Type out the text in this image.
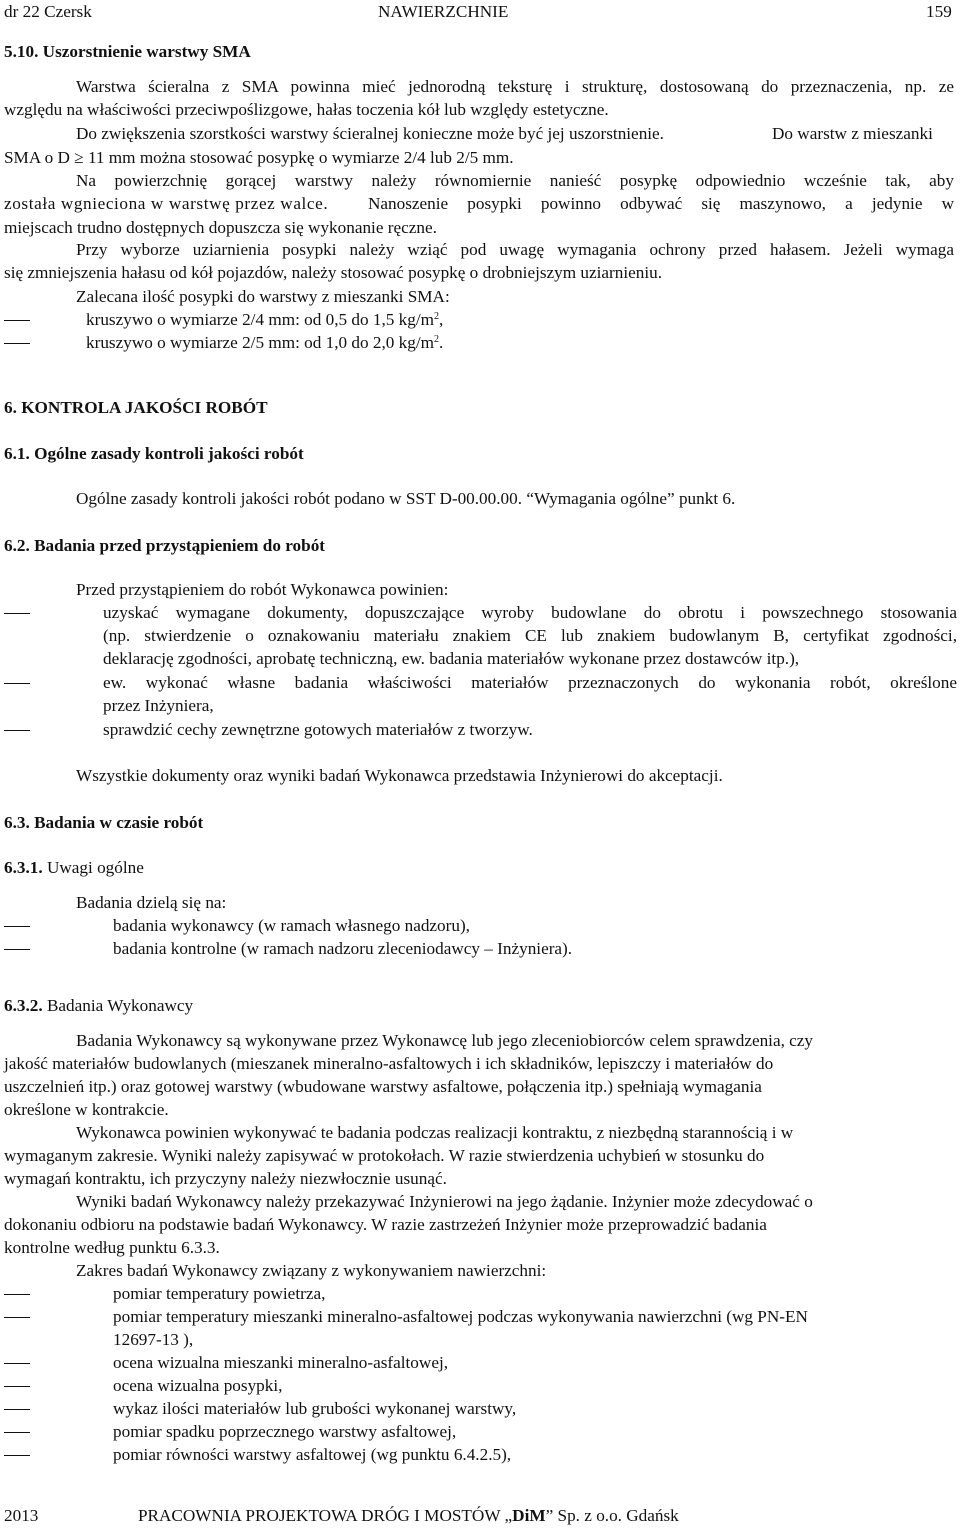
dr 22 Czersk	NAWIERZCHNIE	159
5.10. Uszorstnienie warstwy SMA
Warstwa ścieralna z SMA powinna mieć jednorodną teksturę i strukturę, dostosowaną do przeznaczenia, np. ze
względu na właściwości przeciwpoślizgowe, hałas toczenia kół lub względy estetyczne.
Do zwiększenia szorstkości warstwy ścieralnej konieczne może być jej uszorstnienie.	Do warstw z mieszanki
SMA o D ≥ 11 mm można stosować posypkę o wymiarze 2/4 lub 2/5 mm.
Na powierzchnię gorącej warstwy należy równomiernie nanieść posypkę odpowiednio wcześnie tak, aby
została wgnieciona w warstwę przez walce. Nanoszenie posypki powinno odbywać się maszynowo, a jedynie w
miejscach trudno dostępnych dopuszcza się wykonanie ręczne.
Przy wyborze uziarnienia posypki należy wziąć pod uwagę wymagania ochrony przed hałasem. Jeżeli wymaga
się zmniejszenia hałasu od kół pojazdów, należy stosować posypkę o drobniejszym uziarnieniu.
Zalecana ilość posypki do warstwy z mieszanki SMA:
kruszywo o wymiarze 2/4 mm: od 0,5 do 1,5 $kg/m^2$,
kruszywo o wymiarze 2/5 mm: od 1,0 do 2,0 $kg/m^2$.
6. KONTROLA JAKOŚCI ROBÓT
6.1. Ogólne zasady kontroli jakości robót
Ogólne zasady kontroli jakości robót podano w SST D-00.00.00. “Wymagania ogólne” punkt 6.
6.2. Badania przed przystąpieniem do robót
Przed przystąpieniem do robót Wykonawca powinien:
uzyskać wymagane dokumenty, dopuszczające wyroby budowlane do obrotu i powszechnego stosowania
(np. stwierdzenie o oznakowaniu materiału znakiem CE lub znakiem budowlanym B, certyfikat zgodności,
deklarację zgodności, aprobatę techniczną, ew. badania materiałów wykonane przez dostawców itp.),
ew. wykonać własne badania właściwości materiałów przeznaczonych do wykonania robót, określone
przez Inżyniera,
sprawdzić cechy zewnętrzne gotowych materiałów z tworzyw.
Wszystkie dokumenty oraz wyniki badań Wykonawca przedstawia Inżynierowi do akceptacji.
6.3. Badania w czasie robót
6.3.1. Uwagi ogólne
Badania dzielą się na:
badania wykonawcy (w ramach własnego nadzoru),
badania kontrolne (w ramach nadzoru zleceniodawcy – Inżyniera).
6.3.2. Badania Wykonawcy
Badania Wykonawcy są wykonywane przez Wykonawcę lub jego zleceniobiorców celem sprawdzenia, czy
jakość materiałów budowlanych (mieszanek mineralno-asfaltowych i ich składników, lepiszczy i materiałów do
uszczelnień itp.) oraz gotowej warstwy (wbudowane warstwy asfaltowe, połączenia itp.) spełniają wymagania
określone w kontrakcie.
Wykonawca powinien wykonywać te badania podczas realizacji kontraktu, z niezbędną starannością i w
wymaganym zakresie. Wyniki należy zapisywać w protokołach. W razie stwierdzenia uchybień w stosunku do
wymagań kontraktu, ich przyczyny należy niezwłocznie usunąć.
Wyniki badań Wykonawcy należy przekazywać Inżynierowi na jego żądanie. Inżynier może zdecydować o
dokonaniu odbioru na podstawie badań Wykonawcy. W razie zastrzeżeń Inżynier może przeprowadzić badania
kontrolne według punktu 6.3.3.
Zakres badań Wykonawcy związany z wykonywaniem nawierzchni:
pomiar temperatury powietrza,
pomiar temperatury mieszanki mineralno-asfaltowej podczas wykonywania nawierzchni (wg PN-EN
12697-13 ),
ocena wizualna mieszanki mineralno-asfaltowej,
ocena wizualna posypki,
wykaz ilości materiałów lub grubości wykonanej warstwy,
pomiar spadku poprzecznego warstwy asfaltowej,
pomiar równości warstwy asfaltowej (wg punktu 6.4.2.5),
2013	PRACOWNIA PROJEKTOWA DRÓG I MOSTÓW „DiM” Sp. z o.o. Gdańsk
